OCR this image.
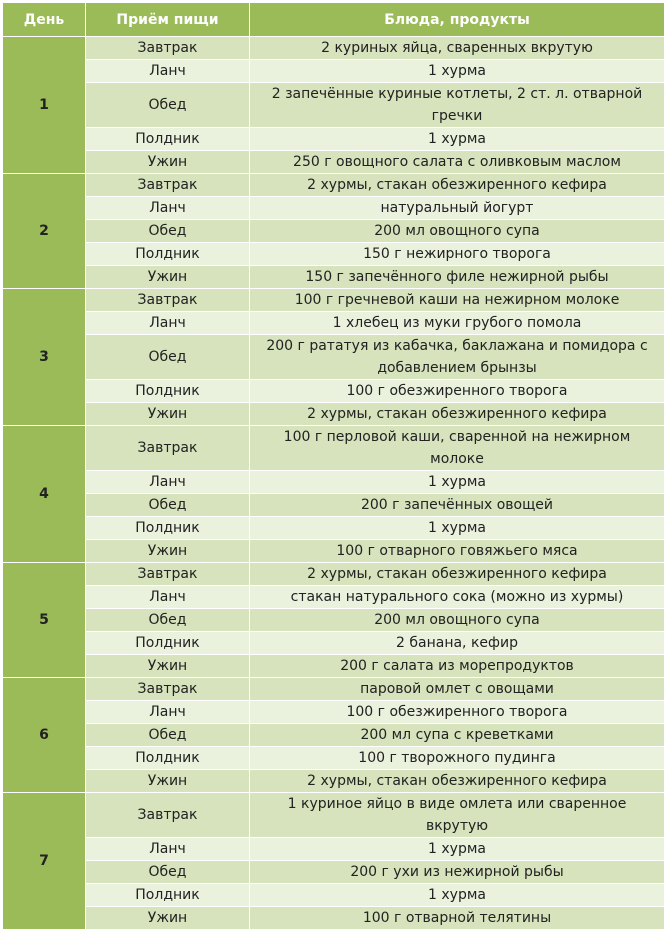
День	Приём пищи	Блюда, продукты
1	Завтрак	2 куриных яйца, сваренных вкрутую
	Ланч	1 хурма
	Обед	2 запечённые куриные котлеты, 2 ст. л. отварной гречки
	Полдник	1 хурма
	Ужин	250 г овощного салата с оливковым маслом
2	Завтрак	2 хурмы, стакан обезжиренного кефира
	Ланч	натуральный йогурт
	Обед	200 мл овощного супа
	Полдник	150 г нежирного творога
	Ужин	150 г запечённого филе нежирной рыбы
3	Завтрак	100 г гречневой каши на нежирном молоке
	Ланч	1 хлебец из муки грубого помола
	Обед	200 г рататуя из кабачка, баклажана и помидора с добавлением брынзы
	Полдник	100 г обезжиренного творога
	Ужин	2 хурмы, стакан обезжиренного кефира
4	Завтрак	100 г перловой каши, сваренной на нежирном молоке
	Ланч	1 хурма
	Обед	200 г запечённых овощей
	Полдник	1 хурма
	Ужин	100 г отварного говяжьего мяса
5	Завтрак	2 хурмы, стакан обезжиренного кефира
	Ланч	стакан натурального сока (можно из хурмы)
	Обед	200 мл овощного супа
	Полдник	2 банана, кефир
	Ужин	200 г салата из морепродуктов
6	Завтрак	паровой омлет с овощами
	Ланч	100 г обезжиренного творога
	Обед	200 мл супа с креветками
	Полдник	100 г творожного пудинга
	Ужин	2 хурмы, стакан обезжиренного кефира
7	Завтрак	1 куриное яйцо в виде омлета или сваренное вкрутую
	Ланч	1 хурма
	Обед	200 г ухи из нежирной рыбы
	Полдник	1 хурма
	Ужин	100 г отварной телятины
